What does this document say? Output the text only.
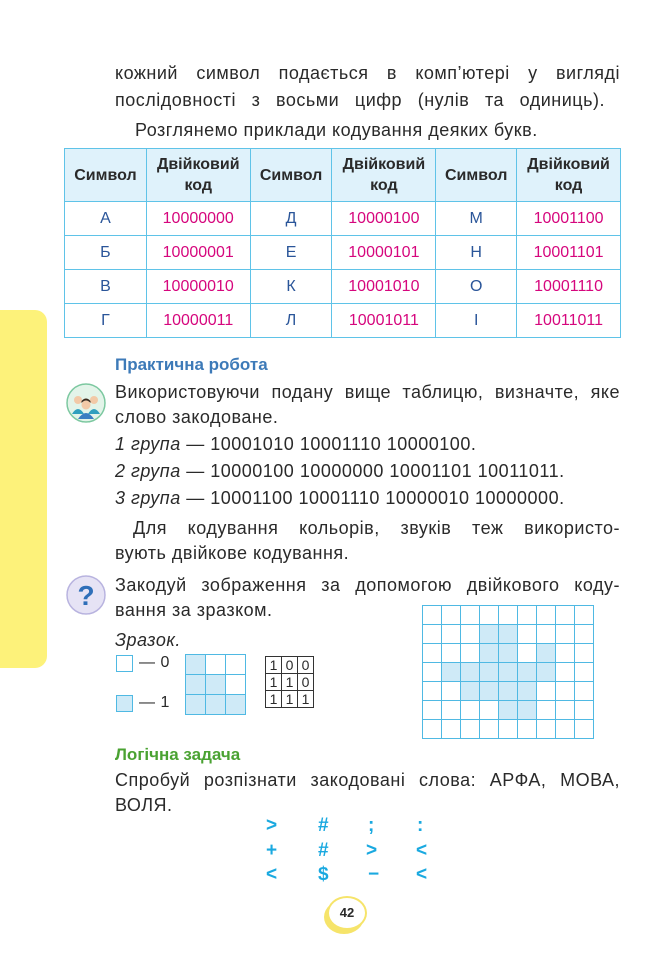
кожний символ подається в комп’ютері у вигляді
послідовності з восьми цифр (нулів та одиниць).
Розглянемо приклади кодування деяких букв.
Символ	Двійковий код	Символ	Двійковий код	Символ	Двійковий код
А	10000000	Д	10000100	М	10001100
Б	10000001	Е	10000101	Н	10001101
В	10000010	К	10001010	О	10001110
Г	10000011	Л	10001011	І	10011011
Практична робота
Використовуючи подану вище таблицю, визначте, яке
слово закодоване.
1 група — 10001010 10001110 10000100.
2 група — 10000100 10000000 10001101 10011011.
3 група — 10001100 10001110 10000010 10000000.
Для кодування кольорів, звуків теж використо-
вують двійкове кодування.
? Закодуй зображення за допомогою двійкового коду-
вання за зразком.
Зразок.
— 0
— 1

1	0	0
1	1	0
1	1	1

Логічна задача
Спробуй розпізнати закодовані слова: АРФА, МОВА,
ВОЛЯ.
> # ; :
+ # > <
< $ − <
42
